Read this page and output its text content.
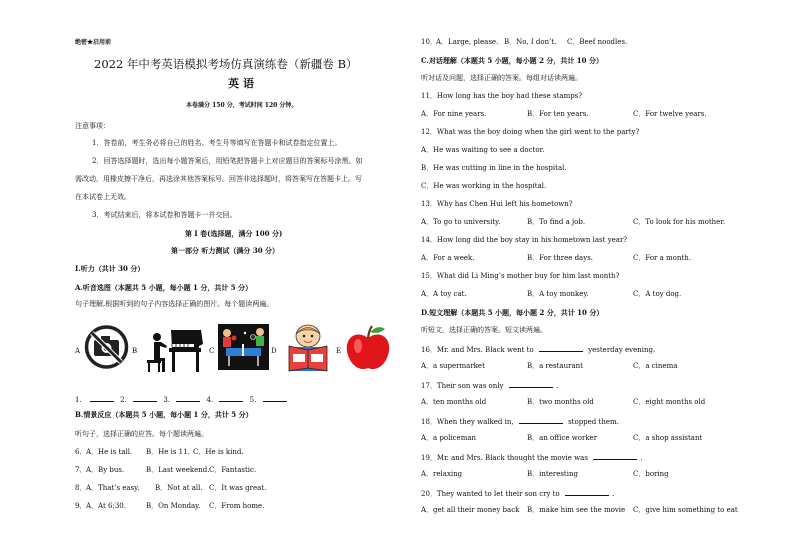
绝密★启用前
2022 年中考英语模拟考场仿真演练卷（新疆卷 B）
英语
本卷满分 150 分，考试时间 120 分钟。
注意事项：
1．答卷前，考生务必将自己的姓名、考生号等填写在答题卡和试卷指定位置上。
2．回答选择题时，选出每小题答案后，用铅笔把答题卡上对应题目的答案标号涂黑。如
需改动，用橡皮擦干净后，再选涂其他答案标号。回答非选择题时，将答案写在答题卡上。写
在本试卷上无效。
3．考试结束后，将本试卷和答题卡一并交回。
第 I 卷(选择题，满分 100 分)
第一部分 听力测试（满分 30 分）
I.听力（共计 30 分）
A.听音选图（本题共 5 小题，每小题 1 分，共计 5 分）
句子理解,根据听到的句子内容选择正确的图片。每个题读两遍。
A	B	C	D	E
1.	2.	3.	4.	5.
B.情景反应（本题共 5 小题，每小题 1 分，共计 5 分）
听句子，选择正确的应答。每个题读两遍。
6． A．He is tall. B．He is 11. C．He is kind.
7． A．By bus.	B．Last weekend. C．Fantastic.
8． A．That’s easy. B．Not at all. C．It was great.
9． A．At 6:30.	B．On Monday. C．From home.
10． A．Large, please. B．No, I don’t. C．Beef noodles.
C.对话理解（本题共 5 小题，每小题 2 分，共计 10 分）
听对话及问题，选择正确的答案。每组对话读两遍。
11．How long has the boy had these stamps?
A．For nine years.	B．For ten years.	C．For twelve years.
12．What was the boy doing when the girl went to the party?
A．He was waiting to see a doctor.
B．He was cutting in line in the hospital.
C．He was working in the hospital.
13．Why has Chen Hui left his hometown?
A．To go to university.	B．To find a job.	C．To look for his mother.
14．How long did the boy stay in his hometown last year?
A．For a week.	B．For three days.	C．For a month.
15．What did Li Ming’s mother buy for him last month?
A．A toy cat.	B．A toy monkey.	C．A toy dog.
D.短文理解（本题共 5 小题，每小题 2 分，共计 10 分）
听短文，选择正确的答案。短文读两遍。
16．Mr. and Mrs. Black went to	yesterday evening.
A．a supermarket	B．a restaurant	C．a cinema
17．Their son was only	.
A．ten months old	B．two months old	C．eight months old
18．When they walked in,	stopped them.
A．a policeman	B．an office worker	C．a shop assistant
19．Mr. and Mrs. Black thought the movie was	.
A．relaxing	B．interesting	C．boring
20．They wanted to let their son cry to	.
A．get all their money back B．make him see the movie C．give him something to eat
